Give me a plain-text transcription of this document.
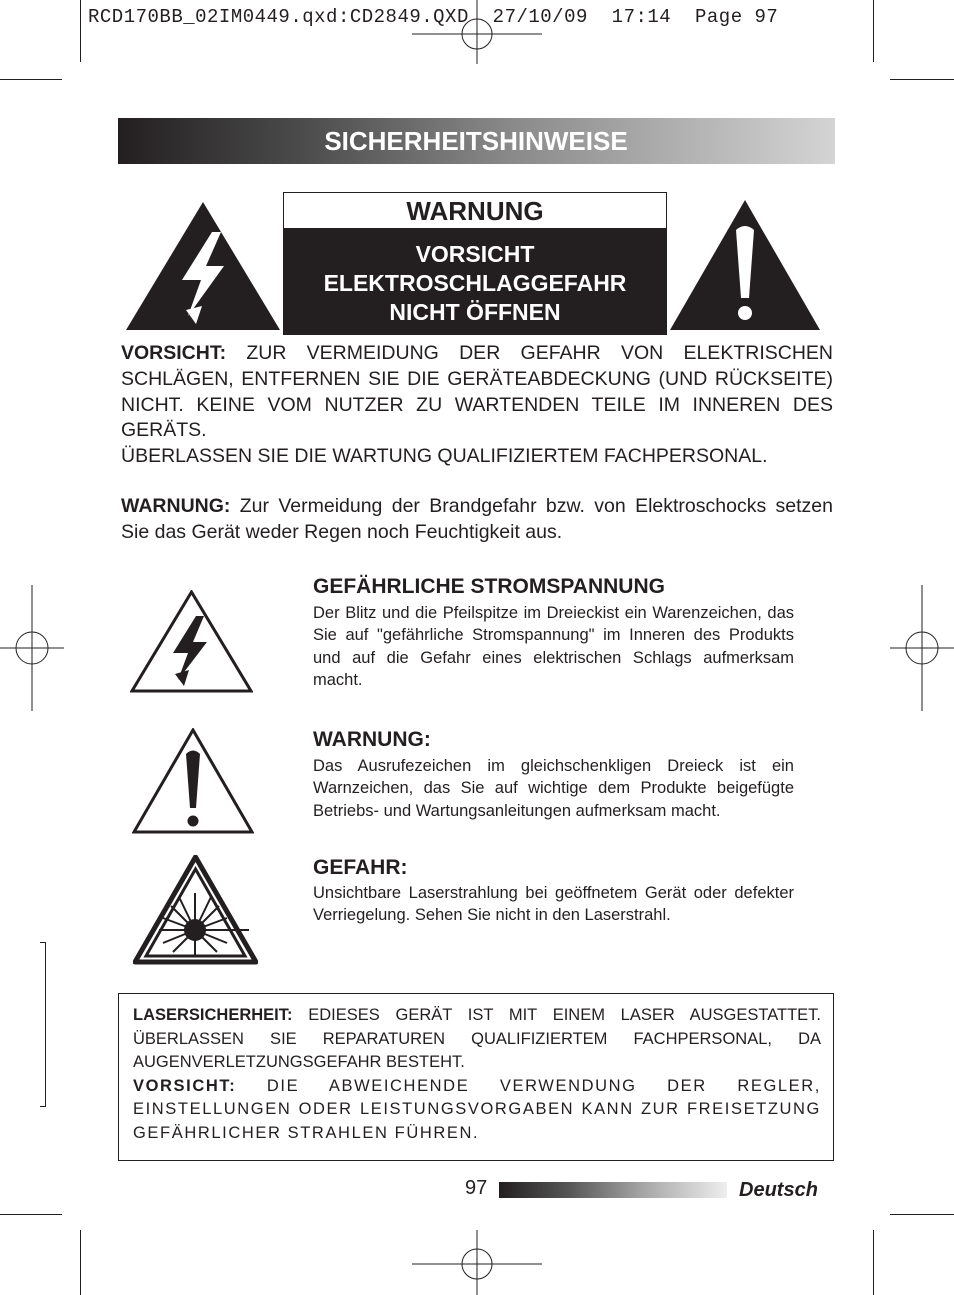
RCD170BB_02IM0449.qxd:CD2849.QXD  27/10/09  17:14  Page 97
SICHERHEITSHINWEISE
WARNUNG
VORSICHT
ELEKTROSCHLAGGEFAHR
NICHT ÖFFNEN
VORSICHT: ZUR VERMEIDUNG DER GEFAHR VON ELEKTRISCHEN SCHLÄGEN, ENTFERNEN SIE DIE GERÄTEABDECKUNG (UND RÜCKSEITE) NICHT. KEINE VOM NUTZER ZU WARTENDEN TEILE IM INNEREN DES GERÄTS.
ÜBERLASSEN SIE DIE WARTUNG QUALIFIZIERTEM FACHPERSONAL.
WARNUNG: Zur Vermeidung der Brandgefahr bzw. von Elektroschocks setzen Sie das Gerät weder Regen noch Feuchtigkeit aus.
GEFÄHRLICHE STROMSPANNUNG
Der Blitz und die Pfeilspitze im Dreieckist ein Warenzeichen, das Sie auf "gefährliche Stromspannung" im Inneren des Produkts und auf die Gefahr eines elektrischen Schlags aufmerksam macht.
WARNUNG:
Das Ausrufezeichen im gleichschenkligen Dreieck ist ein Warnzeichen, das Sie auf wichtige dem Produkte beigefügte Betriebs- und Wartungsanleitungen aufmerksam macht.
GEFAHR:
Unsichtbare Laserstrahlung bei geöffnetem Gerät oder defekter Verriegelung. Sehen Sie nicht in den Laserstrahl.
LASERSICHERHEIT: EDIESES GERÄT IST MIT EINEM LASER AUSGESTATTET. ÜBERLASSEN SIE REPARATUREN QUALIFIZIERTEM FACHPERSONAL, DA AUGENVERLETZUNGSGEFAHR BESTEHT.
VORSICHT: DIE ABWEICHENDE VERWENDUNG DER REGLER, EINSTELLUNGEN ODER LEISTUNGSVORGABEN KANN ZUR FREISETZUNG GEFÄHRLICHER STRAHLEN FÜHREN.
97	Deutsch
